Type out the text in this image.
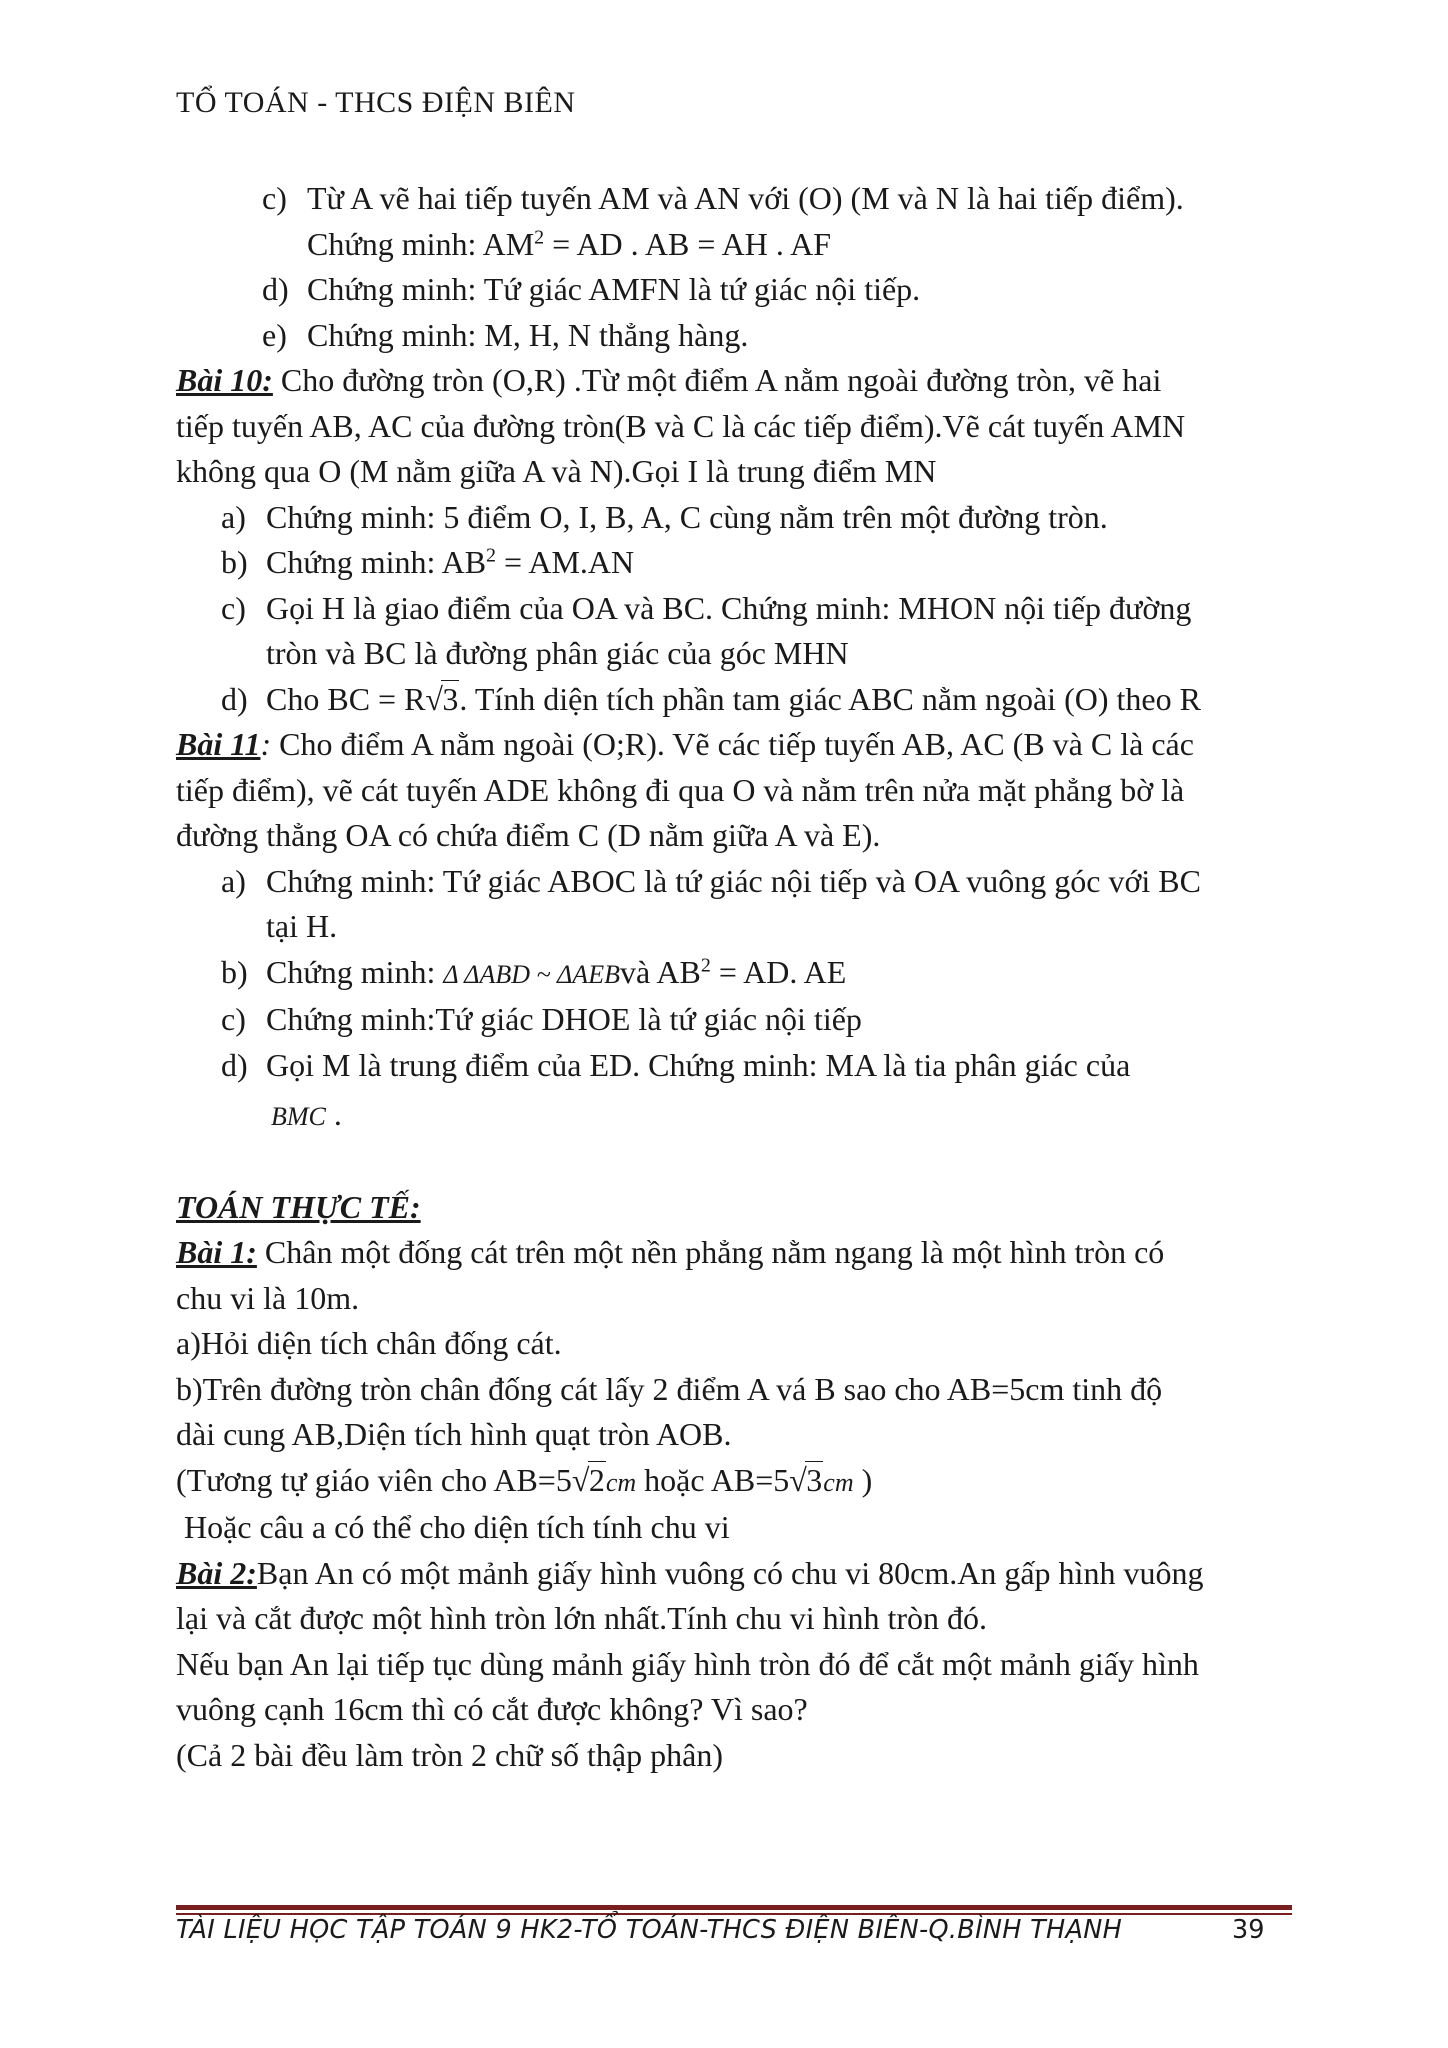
TỔ TOÁN - THCS ĐIỆN BIÊN
c) Từ A vẽ hai tiếp tuyến AM và AN với (O) (M và N là hai tiếp điểm).
Chứng minh: $AM^2$ = AD . AB = AH . AF
d) Chứng minh: Tứ giác AMFN là tứ giác nội tiếp.
e) Chứng minh: M, H, N thẳng hàng.
Bài 10: Cho đường tròn (O,R) .Từ một điểm A nằm ngoài đường tròn, vẽ hai
tiếp tuyến AB, AC của đường tròn(B và C là các tiếp điểm).Vẽ cát tuyến AMN
không qua O (M nằm giữa A và N).Gọi I là trung điểm MN
a) Chứng minh: 5 điểm O, I, B, A, C cùng nằm trên một đường tròn.
b) Chứng minh: $AB^2 = AM.AN$
c) Gọi H là giao điểm của OA và BC. Chứng minh: MHON nội tiếp đường
tròn và BC là đường phân giác của góc MHN
d) Cho BC = R √ 3. Tính diện tích phần tam giác ABC nằm ngoài (O) theo R
Bài 11: Cho điểm A nằm ngoài (O;R). Vẽ các tiếp tuyến AB, AC (B và C là các
tiếp điểm), vẽ cát tuyến ADE không đi qua O và nằm trên nửa mặt phẳng bờ là
đường thẳng OA có chứa điểm C (D nằm giữa A và E).
a) Chứng minh: Tứ giác ABOC là tứ giác nội tiếp và OA vuông góc với BC
tại H.
b) Chứng minh: Δ ΔABD ~ ΔAEBvà $AB^2$ = AD. AE
c) Chứng minh:Tứ giác DHOE là tứ giác nội tiếp
d) Gọi M là trung điểm của ED. Chứng minh: MA là tia phân giác của
BMC .
TOÁN THỰC TẾ:
Bài 1: Chân một đống cát trên một nền phẳng nằm ngang là một hình tròn có
chu vi là 10m.
a)Hỏi diện tích chân đống cát.
b)Trên đường tròn chân đống cát lấy 2 điểm A vá B sao cho AB=5cm tinh độ
dài cung AB,Diện tích hình quạt tròn AOB.
(Tương tự giáo viên cho AB=5 √ 2cm hoặc AB=5 √ 3cm )
Hoặc câu a có thể cho diện tích tính chu vi
Bài 2:Bạn An có một mảnh giấy hình vuông có chu vi 80cm.An gấp hình vuông
lại và cắt được một hình tròn lớn nhất.Tính chu vi hình tròn đó.
Nếu bạn An lại tiếp tục dùng mảnh giấy hình tròn đó để cắt một mảnh giấy hình
vuông cạnh 16cm thì có cắt được không? Vì sao?
(Cả 2 bài đều làm tròn 2 chữ số thập phân)
TÀI LIỆU HỌC TẬP TOÁN 9 HK2-TỔ TOÁN-THCS ĐIỆN BIÊN-Q.BÌNH THẠNH	39
